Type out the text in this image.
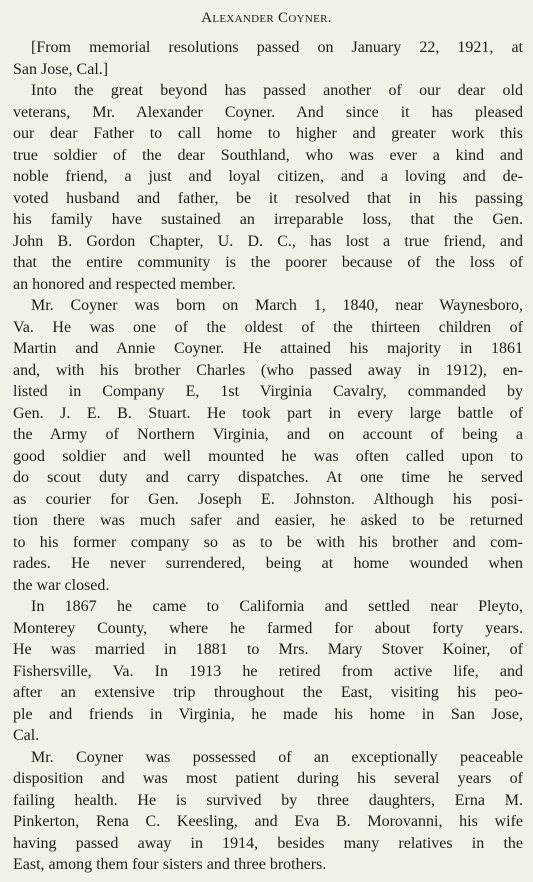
Alexander Coyner.
[From memorial resolutions passed on January 22, 1921, at
San Jose, Cal.]
Into the great beyond has passed another of our dear old
veterans, Mr. Alexander Coyner. And since it has pleased
our dear Father to call home to higher and greater work this
true soldier of the dear Southland, who was ever a kind and
noble friend, a just and loyal citizen, and a loving and de-
voted husband and father, be it resolved that in his passing
his family have sustained an irreparable loss, that the Gen.
John B. Gordon Chapter, U. D. C., has lost a true friend, and
that the entire community is the poorer because of the loss of
an honored and respected member.
Mr. Coyner was born on March 1, 1840, near Waynesboro,
Va. He was one of the oldest of the thirteen children of
Martin and Annie Coyner. He attained his majority in 1861
and, with his brother Charles (who passed away in 1912), en-
listed in Company E, 1st Virginia Cavalry, commanded by
Gen. J. E. B. Stuart. He took part in every large battle of
the Army of Northern Virginia, and on account of being a
good soldier and well mounted he was often called upon to
do scout duty and carry dispatches. At one time he served
as courier for Gen. Joseph E. Johnston. Although his posi-
tion there was much safer and easier, he asked to be returned
to his former company so as to be with his brother and com-
rades. He never surrendered, being at home wounded when
the war closed.
In 1867 he came to California and settled near Pleyto,
Monterey County, where he farmed for about forty years.
He was married in 1881 to Mrs. Mary Stover Koiner, of
Fishersville, Va. In 1913 he retired from active life, and
after an extensive trip throughout the East, visiting his peo-
ple and friends in Virginia, he made his home in San Jose,
Cal.
Mr. Coyner was possessed of an exceptionally peaceable
disposition and was most patient during his several years of
failing health. He is survived by three daughters, Erna M.
Pinkerton, Rena C. Keesling, and Eva B. Morovanni, his wife
having passed away in 1914, besides many relatives in the
East, among them four sisters and three brothers.
